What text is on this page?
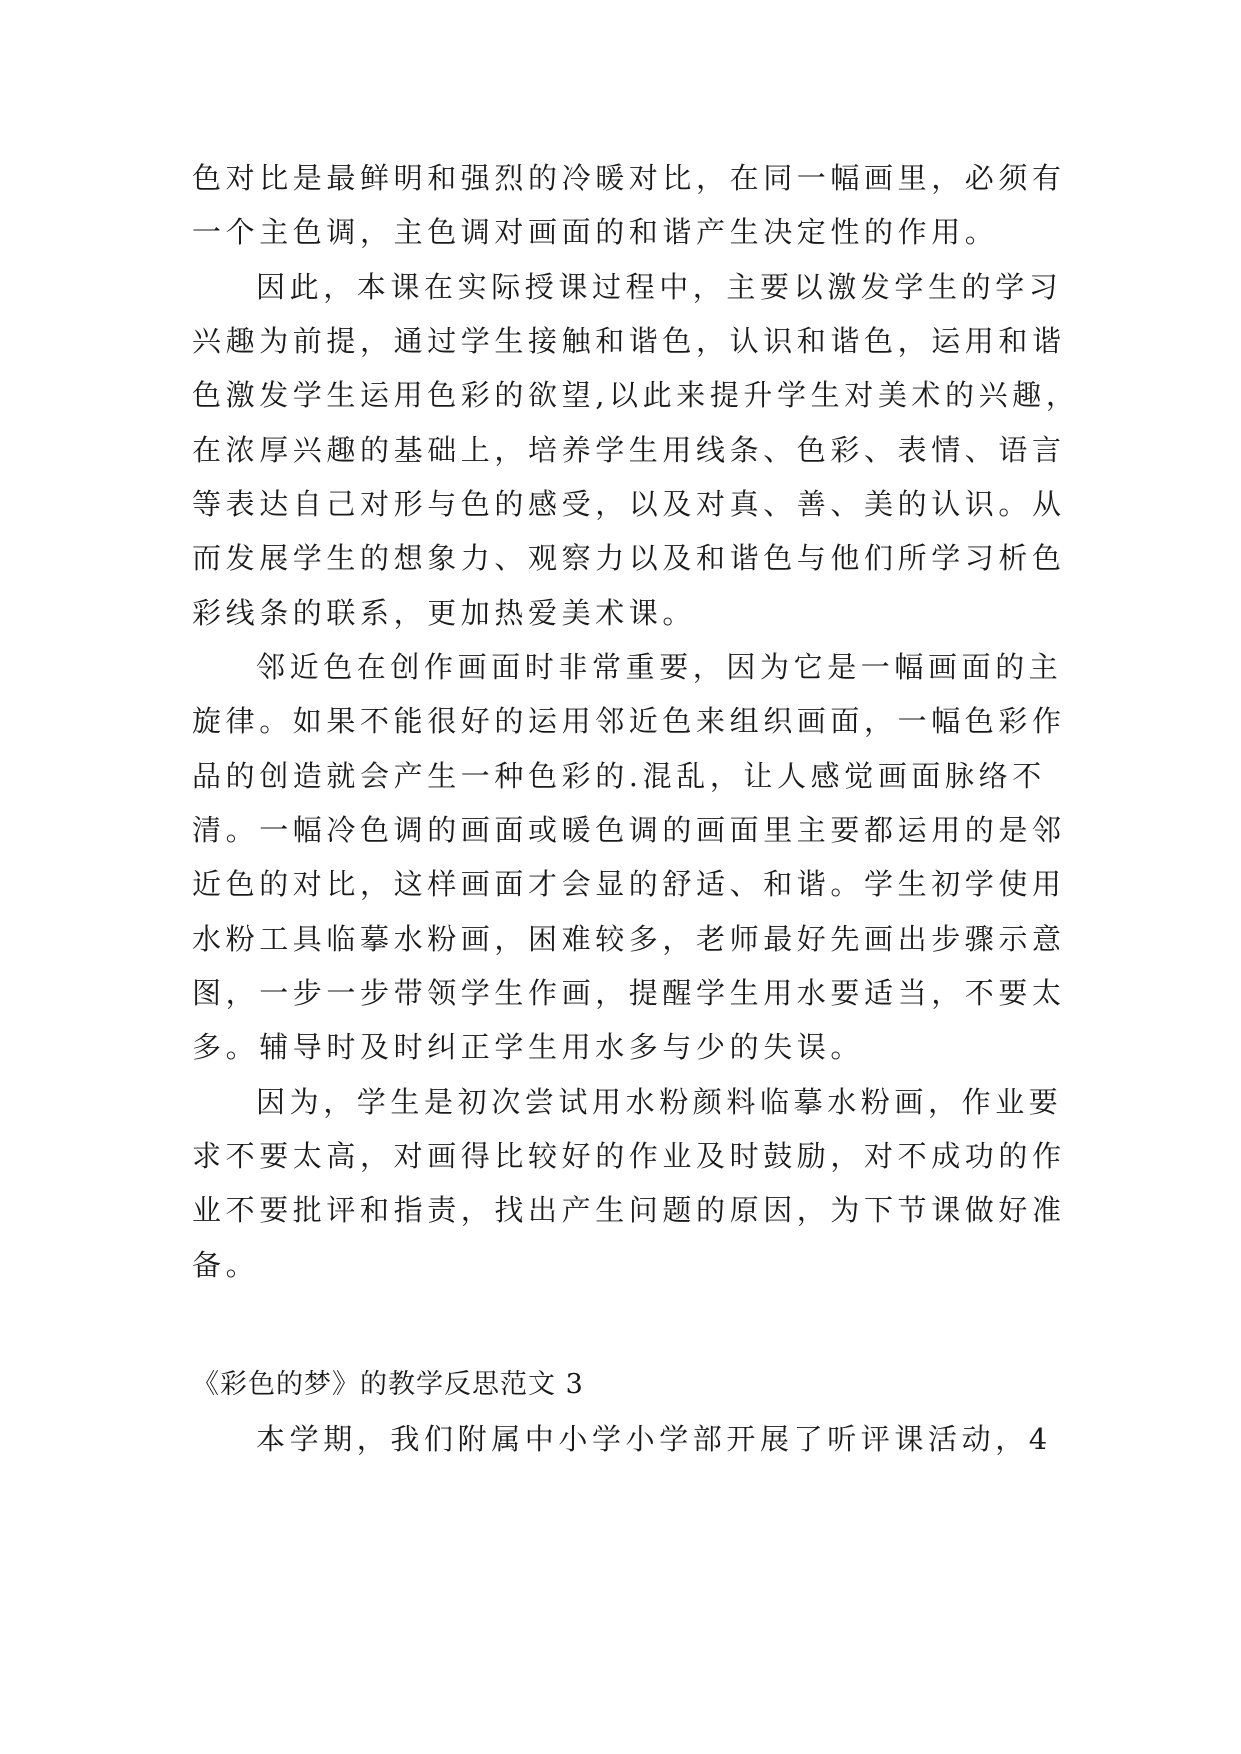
色对比是最鲜明和强烈的冷暖对比，在同一幅画里，必须有
一个主色调，主色调对画面的和谐产生决定性的作用。
因此，本课在实际授课过程中，主要以激发学生的学习
兴趣为前提，通过学生接触和谐色，认识和谐色，运用和谐
色激发学生运用色彩的欲望,以此来提升学生对美术的兴趣，
在浓厚兴趣的基础上，培养学生用线条、色彩、表情、语言
等表达自己对形与色的感受，以及对真、善、美的认识。从
而发展学生的想象力、观察力以及和谐色与他们所学习析色
彩线条的联系，更加热爱美术课。
邻近色在创作画面时非常重要，因为它是一幅画面的主
旋律。如果不能很好的运用邻近色来组织画面，一幅色彩作
品的创造就会产生一种色彩的.混乱，让人感觉画面脉络不
清。一幅冷色调的画面或暖色调的画面里主要都运用的是邻
近色的对比，这样画面才会显的舒适、和谐。学生初学使用
水粉工具临摹水粉画，困难较多，老师最好先画出步骤示意
图，一步一步带领学生作画，提醒学生用水要适当，不要太
多。辅导时及时纠正学生用水多与少的失误。
因为，学生是初次尝试用水粉颜料临摹水粉画，作业要
求不要太高，对画得比较好的作业及时鼓励，对不成功的作
业不要批评和指责，找出产生问题的原因，为下节课做好准
备。
《彩色的梦》的教学反思范文 3
本学期，我们附属中小学小学部开展了听评课活动，4
